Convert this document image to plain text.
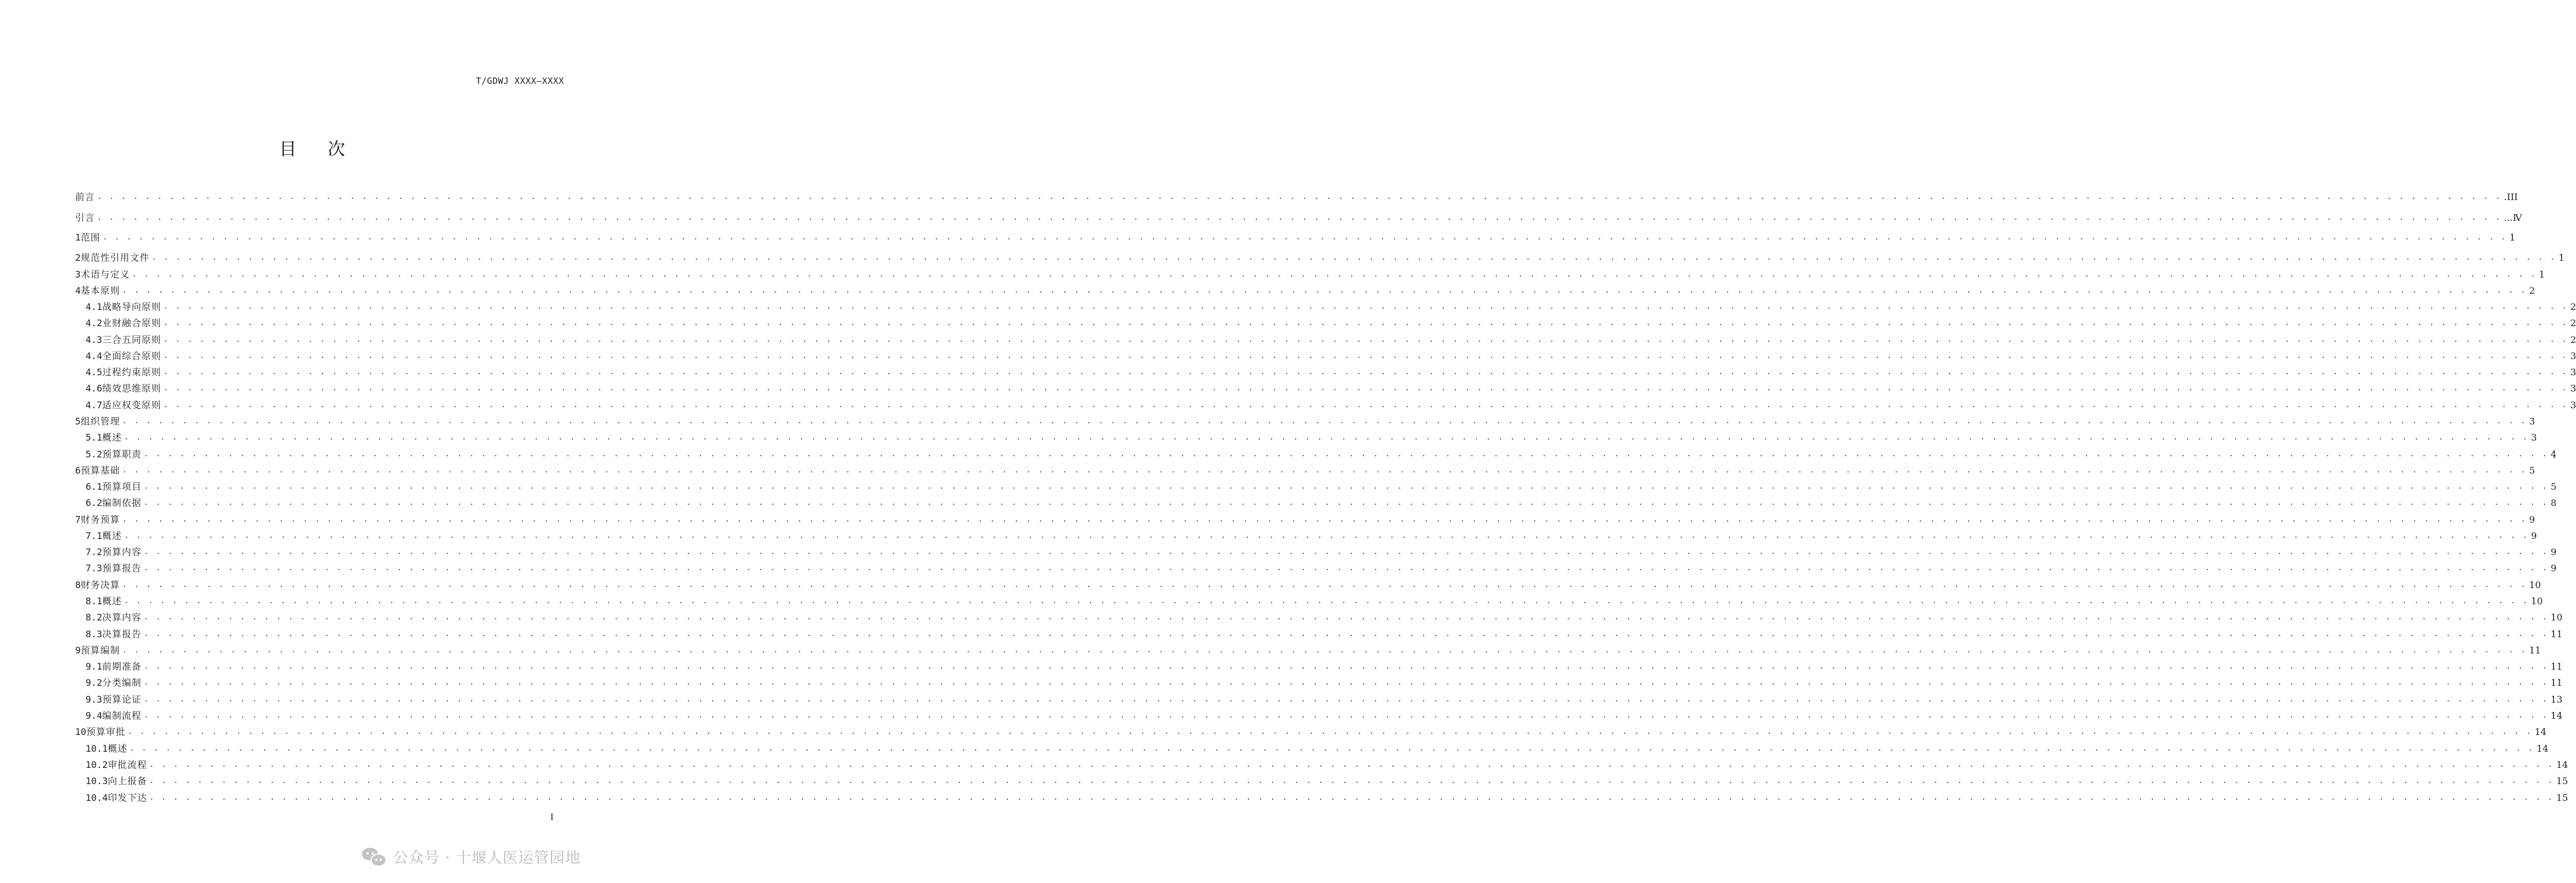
T/GDWJ XXXX—XXXX
目次
前言 . . . . . . . . . . . . . . . . . . . . . . . . . . . . . . . . . . . . . . . . . . . . . . . . . . . . . . . . . . . . . . . . . . . . . . . . . . . . . . . . . . . . . . . . . . . . . . . . . . . . . . . . . . . . . . . . . . . . . . . . . . . . . . . . . . . . . . . . . . . . . . . . . . . . . . . . . . . . . . . . . . . . . . . . . . . . . . . . . . . . . . . . . . . . . . . . . . . . . . . . .III
引言 . . . . . . . . . . . . . . . . . . . . . . . . . . . . . . . . . . . . . . . . . . . . . . . . . . . . . . . . . . . . . . . . . . . . . . . . . . . . . . . . . . . . . . . . . . . . . . . . . . . . . . . . . . . . . . . . . . . . . . . . . . . . . . . . . . . . . . . . . . . . . . . . . . . . . . . . . . . . . . . . . . . . . . . . . . . . . . . . . . . . . . . . . . . . . . . . . . . . . . . . ...Ⅳ
1 范围 . . . . . . . . . . . . . . . . . . . . . . . . . . . . . . . . . . . . . . . . . . . . . . . . . . . . . . . . . . . . . . . . . . . . . . . . . . . . . . . . . . . . . . . . . . . . . . . . . . . . . . . . . . . . . . . . . . . . . . . . . . . . . . . . . . . . . . . . . . . . . . . . . . . . . . . . . . . . . . . . . . . . . . . . . . . . . . . . . . . . . . . . . . . . . . . . . . . . . . . . 1
2 规范性引用文件 . . . . . . . . . . . . . . . . . . . . . . . . . . . . . . . . . . . . . . . . . . . . . . . . . . . . . . . . . . . . . . . . . . . . . . . . . . . . . . . . . . . . . . . . . . . . . . . . . . . . . . . . . . . . . . . . . . . . . . . . . . . . . . . . . . . . . . . . . . . . . . . . . . . . . . . . . . . . . . . . . . . . . . . . . . . . . . . . . . . . . . . . . . . . . . . . . . . . . . . . 1
3 术语与定义 . . . . . . . . . . . . . . . . . . . . . . . . . . . . . . . . . . . . . . . . . . . . . . . . . . . . . . . . . . . . . . . . . . . . . . . . . . . . . . . . . . . . . . . . . . . . . . . . . . . . . . . . . . . . . . . . . . . . . . . . . . . . . . . . . . . . . . . . . . . . . . . . . . . . . . . . . . . . . . . . . . . . . . . . . . . . . . . . . . . . . . . . . . . . . . . . . . . . . . . . 1
4 基本原则 . . . . . . . . . . . . . . . . . . . . . . . . . . . . . . . . . . . . . . . . . . . . . . . . . . . . . . . . . . . . . . . . . . . . . . . . . . . . . . . . . . . . . . . . . . . . . . . . . . . . . . . . . . . . . . . . . . . . . . . . . . . . . . . . . . . . . . . . . . . . . . . . . . . . . . . . . . . . . . . . . . . . . . . . . . . . . . . . . . . . . . . . . . . . . . . . . . . . . . . . 2
4.1 战略导向原则 . . . . . . . . . . . . . . . . . . . . . . . . . . . . . . . . . . . . . . . . . . . . . . . . . . . . . . . . . . . . . . . . . . . . . . . . . . . . . . . . . . . . . . . . . . . . . . . . . . . . . . . . . . . . . . . . . . . . . . . . . . . . . . . . . . . . . . . . . . . . . . . . . . . . . . . . . . . . . . . . . . . . . . . . . . . . . . . . . . . . . . . . . . . . . . . . . . . . . . . . 2
4.2 业财融合原则 . . . . . . . . . . . . . . . . . . . . . . . . . . . . . . . . . . . . . . . . . . . . . . . . . . . . . . . . . . . . . . . . . . . . . . . . . . . . . . . . . . . . . . . . . . . . . . . . . . . . . . . . . . . . . . . . . . . . . . . . . . . . . . . . . . . . . . . . . . . . . . . . . . . . . . . . . . . . . . . . . . . . . . . . . . . . . . . . . . . . . . . . . . . . . . . . . . . . . . . . 2
4.3 三合五同原则 . . . . . . . . . . . . . . . . . . . . . . . . . . . . . . . . . . . . . . . . . . . . . . . . . . . . . . . . . . . . . . . . . . . . . . . . . . . . . . . . . . . . . . . . . . . . . . . . . . . . . . . . . . . . . . . . . . . . . . . . . . . . . . . . . . . . . . . . . . . . . . . . . . . . . . . . . . . . . . . . . . . . . . . . . . . . . . . . . . . . . . . . . . . . . . . . . . . . . . . . 2
4.4 全面综合原则 . . . . . . . . . . . . . . . . . . . . . . . . . . . . . . . . . . . . . . . . . . . . . . . . . . . . . . . . . . . . . . . . . . . . . . . . . . . . . . . . . . . . . . . . . . . . . . . . . . . . . . . . . . . . . . . . . . . . . . . . . . . . . . . . . . . . . . . . . . . . . . . . . . . . . . . . . . . . . . . . . . . . . . . . . . . . . . . . . . . . . . . . . . . . . . . . . . . . . . . . 3
4.5 过程约束原则 . . . . . . . . . . . . . . . . . . . . . . . . . . . . . . . . . . . . . . . . . . . . . . . . . . . . . . . . . . . . . . . . . . . . . . . . . . . . . . . . . . . . . . . . . . . . . . . . . . . . . . . . . . . . . . . . . . . . . . . . . . . . . . . . . . . . . . . . . . . . . . . . . . . . . . . . . . . . . . . . . . . . . . . . . . . . . . . . . . . . . . . . . . . . . . . . . . . . . . . . 3
4.6 绩效思维原则 . . . . . . . . . . . . . . . . . . . . . . . . . . . . . . . . . . . . . . . . . . . . . . . . . . . . . . . . . . . . . . . . . . . . . . . . . . . . . . . . . . . . . . . . . . . . . . . . . . . . . . . . . . . . . . . . . . . . . . . . . . . . . . . . . . . . . . . . . . . . . . . . . . . . . . . . . . . . . . . . . . . . . . . . . . . . . . . . . . . . . . . . . . . . . . . . . . . . . . . . 3
4.7 适应权变原则 . . . . . . . . . . . . . . . . . . . . . . . . . . . . . . . . . . . . . . . . . . . . . . . . . . . . . . . . . . . . . . . . . . . . . . . . . . . . . . . . . . . . . . . . . . . . . . . . . . . . . . . . . . . . . . . . . . . . . . . . . . . . . . . . . . . . . . . . . . . . . . . . . . . . . . . . . . . . . . . . . . . . . . . . . . . . . . . . . . . . . . . . . . . . . . . . . . . . . . . . 3
5 组织管理 . . . . . . . . . . . . . . . . . . . . . . . . . . . . . . . . . . . . . . . . . . . . . . . . . . . . . . . . . . . . . . . . . . . . . . . . . . . . . . . . . . . . . . . . . . . . . . . . . . . . . . . . . . . . . . . . . . . . . . . . . . . . . . . . . . . . . . . . . . . . . . . . . . . . . . . . . . . . . . . . . . . . . . . . . . . . . . . . . . . . . . . . . . . . . . . . . . . . . . . . 3
5.1 概述 . . . . . . . . . . . . . . . . . . . . . . . . . . . . . . . . . . . . . . . . . . . . . . . . . . . . . . . . . . . . . . . . . . . . . . . . . . . . . . . . . . . . . . . . . . . . . . . . . . . . . . . . . . . . . . . . . . . . . . . . . . . . . . . . . . . . . . . . . . . . . . . . . . . . . . . . . . . . . . . . . . . . . . . . . . . . . . . . . . . . . . . . . . . . . . . . . . . . . . . . 3
5.2 预算职责 . . . . . . . . . . . . . . . . . . . . . . . . . . . . . . . . . . . . . . . . . . . . . . . . . . . . . . . . . . . . . . . . . . . . . . . . . . . . . . . . . . . . . . . . . . . . . . . . . . . . . . . . . . . . . . . . . . . . . . . . . . . . . . . . . . . . . . . . . . . . . . . . . . . . . . . . . . . . . . . . . . . . . . . . . . . . . . . . . . . . . . . . . . . . . . . . . . . . . . . . 4
6 预算基础 . . . . . . . . . . . . . . . . . . . . . . . . . . . . . . . . . . . . . . . . . . . . . . . . . . . . . . . . . . . . . . . . . . . . . . . . . . . . . . . . . . . . . . . . . . . . . . . . . . . . . . . . . . . . . . . . . . . . . . . . . . . . . . . . . . . . . . . . . . . . . . . . . . . . . . . . . . . . . . . . . . . . . . . . . . . . . . . . . . . . . . . . . . . . . . . . . . . . . . . . 5
6.1 预算项目 . . . . . . . . . . . . . . . . . . . . . . . . . . . . . . . . . . . . . . . . . . . . . . . . . . . . . . . . . . . . . . . . . . . . . . . . . . . . . . . . . . . . . . . . . . . . . . . . . . . . . . . . . . . . . . . . . . . . . . . . . . . . . . . . . . . . . . . . . . . . . . . . . . . . . . . . . . . . . . . . . . . . . . . . . . . . . . . . . . . . . . . . . . . . . . . . . . . . . . . . 5
6.2 编制依据 . . . . . . . . . . . . . . . . . . . . . . . . . . . . . . . . . . . . . . . . . . . . . . . . . . . . . . . . . . . . . . . . . . . . . . . . . . . . . . . . . . . . . . . . . . . . . . . . . . . . . . . . . . . . . . . . . . . . . . . . . . . . . . . . . . . . . . . . . . . . . . . . . . . . . . . . . . . . . . . . . . . . . . . . . . . . . . . . . . . . . . . . . . . . . . . . . . . . . . . . 8
7 财务预算 . . . . . . . . . . . . . . . . . . . . . . . . . . . . . . . . . . . . . . . . . . . . . . . . . . . . . . . . . . . . . . . . . . . . . . . . . . . . . . . . . . . . . . . . . . . . . . . . . . . . . . . . . . . . . . . . . . . . . . . . . . . . . . . . . . . . . . . . . . . . . . . . . . . . . . . . . . . . . . . . . . . . . . . . . . . . . . . . . . . . . . . . . . . . . . . . . . . . . . . . 9
7.1 概述 . . . . . . . . . . . . . . . . . . . . . . . . . . . . . . . . . . . . . . . . . . . . . . . . . . . . . . . . . . . . . . . . . . . . . . . . . . . . . . . . . . . . . . . . . . . . . . . . . . . . . . . . . . . . . . . . . . . . . . . . . . . . . . . . . . . . . . . . . . . . . . . . . . . . . . . . . . . . . . . . . . . . . . . . . . . . . . . . . . . . . . . . . . . . . . . . . . . . . . . . 9
7.2 预算内容 . . . . . . . . . . . . . . . . . . . . . . . . . . . . . . . . . . . . . . . . . . . . . . . . . . . . . . . . . . . . . . . . . . . . . . . . . . . . . . . . . . . . . . . . . . . . . . . . . . . . . . . . . . . . . . . . . . . . . . . . . . . . . . . . . . . . . . . . . . . . . . . . . . . . . . . . . . . . . . . . . . . . . . . . . . . . . . . . . . . . . . . . . . . . . . . . . . . . . . . . 9
7.3 预算报告 . . . . . . . . . . . . . . . . . . . . . . . . . . . . . . . . . . . . . . . . . . . . . . . . . . . . . . . . . . . . . . . . . . . . . . . . . . . . . . . . . . . . . . . . . . . . . . . . . . . . . . . . . . . . . . . . . . . . . . . . . . . . . . . . . . . . . . . . . . . . . . . . . . . . . . . . . . . . . . . . . . . . . . . . . . . . . . . . . . . . . . . . . . . . . . . . . . . . . . . . 9
8 财务决算 . . . . . . . . . . . . . . . . . . . . . . . . . . . . . . . . . . . . . . . . . . . . . . . . . . . . . . . . . . . . . . . . . . . . . . . . . . . . . . . . . . . . . . . . . . . . . . . . . . . . . . . . . . . . . . . . . . . . . . . . . . . . . . . . . . . . . . . . . . . . . . . . . . . . . . . . . . . . . . . . . . . . . . . . . . . . . . . . . . . . . . . . . . . . . . . . . . . . . . . . 10
8.1 概述 . . . . . . . . . . . . . . . . . . . . . . . . . . . . . . . . . . . . . . . . . . . . . . . . . . . . . . . . . . . . . . . . . . . . . . . . . . . . . . . . . . . . . . . . . . . . . . . . . . . . . . . . . . . . . . . . . . . . . . . . . . . . . . . . . . . . . . . . . . . . . . . . . . . . . . . . . . . . . . . . . . . . . . . . . . . . . . . . . . . . . . . . . . . . . . . . . . . . . . . . 10
8.2 决算内容 . . . . . . . . . . . . . . . . . . . . . . . . . . . . . . . . . . . . . . . . . . . . . . . . . . . . . . . . . . . . . . . . . . . . . . . . . . . . . . . . . . . . . . . . . . . . . . . . . . . . . . . . . . . . . . . . . . . . . . . . . . . . . . . . . . . . . . . . . . . . . . . . . . . . . . . . . . . . . . . . . . . . . . . . . . . . . . . . . . . . . . . . . . . . . . . . . . . . . . . . 10
8.3 决算报告 . . . . . . . . . . . . . . . . . . . . . . . . . . . . . . . . . . . . . . . . . . . . . . . . . . . . . . . . . . . . . . . . . . . . . . . . . . . . . . . . . . . . . . . . . . . . . . . . . . . . . . . . . . . . . . . . . . . . . . . . . . . . . . . . . . . . . . . . . . . . . . . . . . . . . . . . . . . . . . . . . . . . . . . . . . . . . . . . . . . . . . . . . . . . . . . . . . . . . . . . 11
9 预算编制 . . . . . . . . . . . . . . . . . . . . . . . . . . . . . . . . . . . . . . . . . . . . . . . . . . . . . . . . . . . . . . . . . . . . . . . . . . . . . . . . . . . . . . . . . . . . . . . . . . . . . . . . . . . . . . . . . . . . . . . . . . . . . . . . . . . . . . . . . . . . . . . . . . . . . . . . . . . . . . . . . . . . . . . . . . . . . . . . . . . . . . . . . . . . . . . . . . . . . . . . 11
9.1 前期准备 . . . . . . . . . . . . . . . . . . . . . . . . . . . . . . . . . . . . . . . . . . . . . . . . . . . . . . . . . . . . . . . . . . . . . . . . . . . . . . . . . . . . . . . . . . . . . . . . . . . . . . . . . . . . . . . . . . . . . . . . . . . . . . . . . . . . . . . . . . . . . . . . . . . . . . . . . . . . . . . . . . . . . . . . . . . . . . . . . . . . . . . . . . . . . . . . . . . . . . . . 11
9.2 分类编制 . . . . . . . . . . . . . . . . . . . . . . . . . . . . . . . . . . . . . . . . . . . . . . . . . . . . . . . . . . . . . . . . . . . . . . . . . . . . . . . . . . . . . . . . . . . . . . . . . . . . . . . . . . . . . . . . . . . . . . . . . . . . . . . . . . . . . . . . . . . . . . . . . . . . . . . . . . . . . . . . . . . . . . . . . . . . . . . . . . . . . . . . . . . . . . . . . . . . . . . . 11
9.3 预算论证 . . . . . . . . . . . . . . . . . . . . . . . . . . . . . . . . . . . . . . . . . . . . . . . . . . . . . . . . . . . . . . . . . . . . . . . . . . . . . . . . . . . . . . . . . . . . . . . . . . . . . . . . . . . . . . . . . . . . . . . . . . . . . . . . . . . . . . . . . . . . . . . . . . . . . . . . . . . . . . . . . . . . . . . . . . . . . . . . . . . . . . . . . . . . . . . . . . . . . . . . 13
9.4 编制流程 . . . . . . . . . . . . . . . . . . . . . . . . . . . . . . . . . . . . . . . . . . . . . . . . . . . . . . . . . . . . . . . . . . . . . . . . . . . . . . . . . . . . . . . . . . . . . . . . . . . . . . . . . . . . . . . . . . . . . . . . . . . . . . . . . . . . . . . . . . . . . . . . . . . . . . . . . . . . . . . . . . . . . . . . . . . . . . . . . . . . . . . . . . . . . . . . . . . . . . . . 14
10 预算审批 . . . . . . . . . . . . . . . . . . . . . . . . . . . . . . . . . . . . . . . . . . . . . . . . . . . . . . . . . . . . . . . . . . . . . . . . . . . . . . . . . . . . . . . . . . . . . . . . . . . . . . . . . . . . . . . . . . . . . . . . . . . . . . . . . . . . . . . . . . . . . . . . . . . . . . . . . . . . . . . . . . . . . . . . . . . . . . . . . . . . . . . . . . . . . . . . . . . . . . . . 14
10.1 概述 . . . . . . . . . . . . . . . . . . . . . . . . . . . . . . . . . . . . . . . . . . . . . . . . . . . . . . . . . . . . . . . . . . . . . . . . . . . . . . . . . . . . . . . . . . . . . . . . . . . . . . . . . . . . . . . . . . . . . . . . . . . . . . . . . . . . . . . . . . . . . . . . . . . . . . . . . . . . . . . . . . . . . . . . . . . . . . . . . . . . . . . . . . . . . . . . . . . . . . . . 14
10.2 审批流程 . . . . . . . . . . . . . . . . . . . . . . . . . . . . . . . . . . . . . . . . . . . . . . . . . . . . . . . . . . . . . . . . . . . . . . . . . . . . . . . . . . . . . . . . . . . . . . . . . . . . . . . . . . . . . . . . . . . . . . . . . . . . . . . . . . . . . . . . . . . . . . . . . . . . . . . . . . . . . . . . . . . . . . . . . . . . . . . . . . . . . . . . . . . . . . . . . . . . . . . . 14
10.3 向上报备 . . . . . . . . . . . . . . . . . . . . . . . . . . . . . . . . . . . . . . . . . . . . . . . . . . . . . . . . . . . . . . . . . . . . . . . . . . . . . . . . . . . . . . . . . . . . . . . . . . . . . . . . . . . . . . . . . . . . . . . . . . . . . . . . . . . . . . . . . . . . . . . . . . . . . . . . . . . . . . . . . . . . . . . . . . . . . . . . . . . . . . . . . . . . . . . . . . . . . . . . 15
10.4 印发下达 . . . . . . . . . . . . . . . . . . . . . . . . . . . . . . . . . . . . . . . . . . . . . . . . . . . . . . . . . . . . . . . . . . . . . . . . . . . . . . . . . . . . . . . . . . . . . . . . . . . . . . . . . . . . . . . . . . . . . . . . . . . . . . . . . . . . . . . . . . . . . . . . . . . . . . . . . . . . . . . . . . . . . . . . . . . . . . . . . . . . . . . . . . . . . . . . . . . . . . . . 15
I
公众号 · 十堰人医运管园地
